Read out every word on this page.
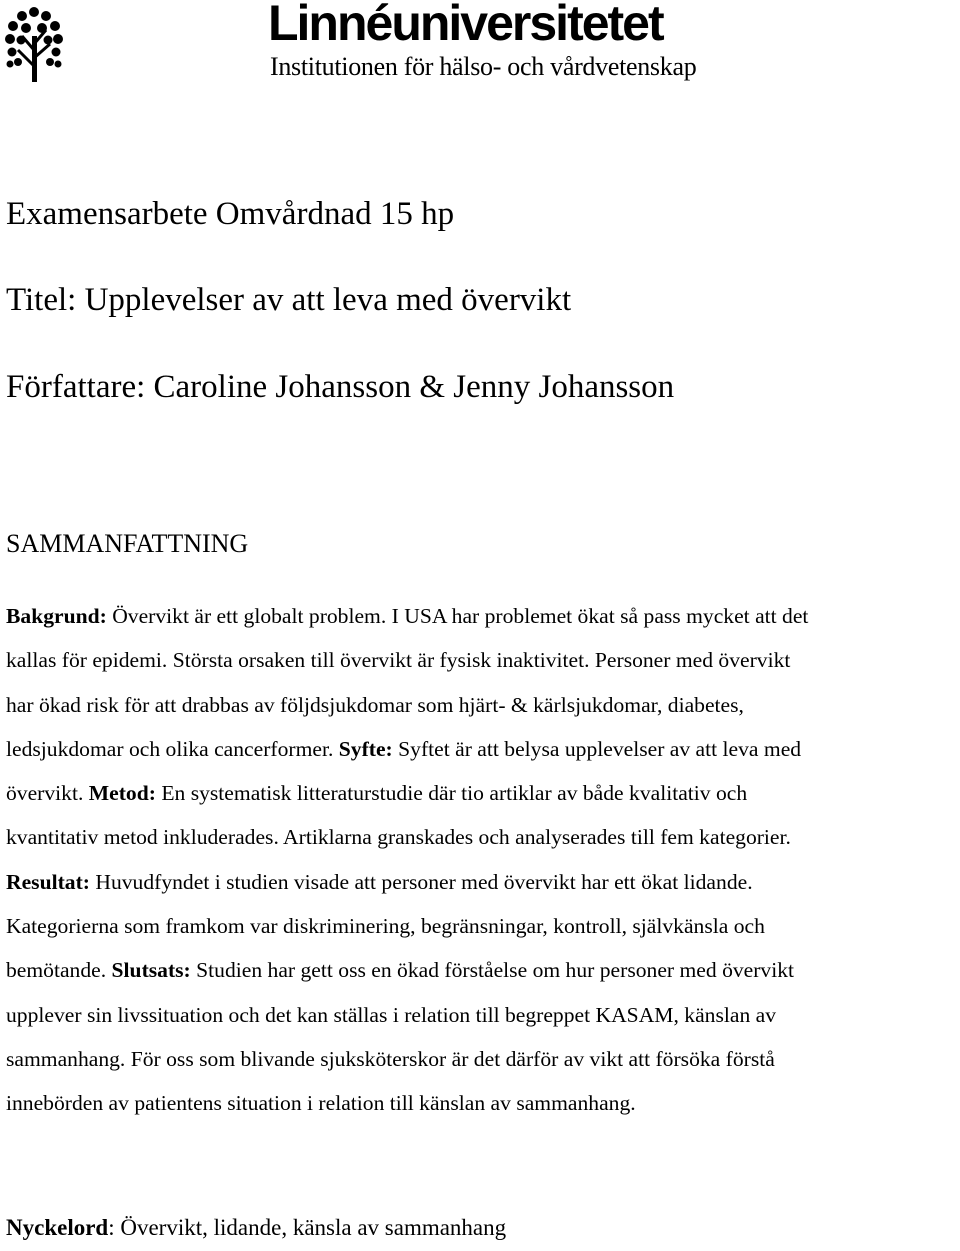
Linnéuniversitetet
Institutionen för hälso- och vårdvetenskap
Examensarbete Omvårdnad 15 hp
Titel: Upplevelser av att leva med övervikt
Författare: Caroline Johansson & Jenny Johansson
SAMMANFATTNING
Bakgrund: Övervikt är ett globalt problem. I USA har problemet ökat så pass mycket att det
kallas för epidemi. Största orsaken till övervikt är fysisk inaktivitet. Personer med övervikt
har ökad risk för att drabbas av följdsjukdomar som hjärt- & kärlsjukdomar, diabetes,
ledsjukdomar och olika cancerformer. Syfte: Syftet är att belysa upplevelser av att leva med
övervikt. Metod: En systematisk litteraturstudie där tio artiklar av både kvalitativ och
kvantitativ metod inkluderades. Artiklarna granskades och analyserades till fem kategorier.
Resultat: Huvudfyndet i studien visade att personer med övervikt har ett ökat lidande.
Kategorierna som framkom var diskriminering, begränsningar, kontroll, självkänsla och
bemötande. Slutsats: Studien har gett oss en ökad förståelse om hur personer med övervikt
upplever sin livssituation och det kan ställas i relation till begreppet KASAM, känslan av
sammanhang. För oss som blivande sjuksköterskor är det därför av vikt att försöka förstå
innebörden av patientens situation i relation till känslan av sammanhang.
Nyckelord: Övervikt, lidande, känsla av sammanhang
